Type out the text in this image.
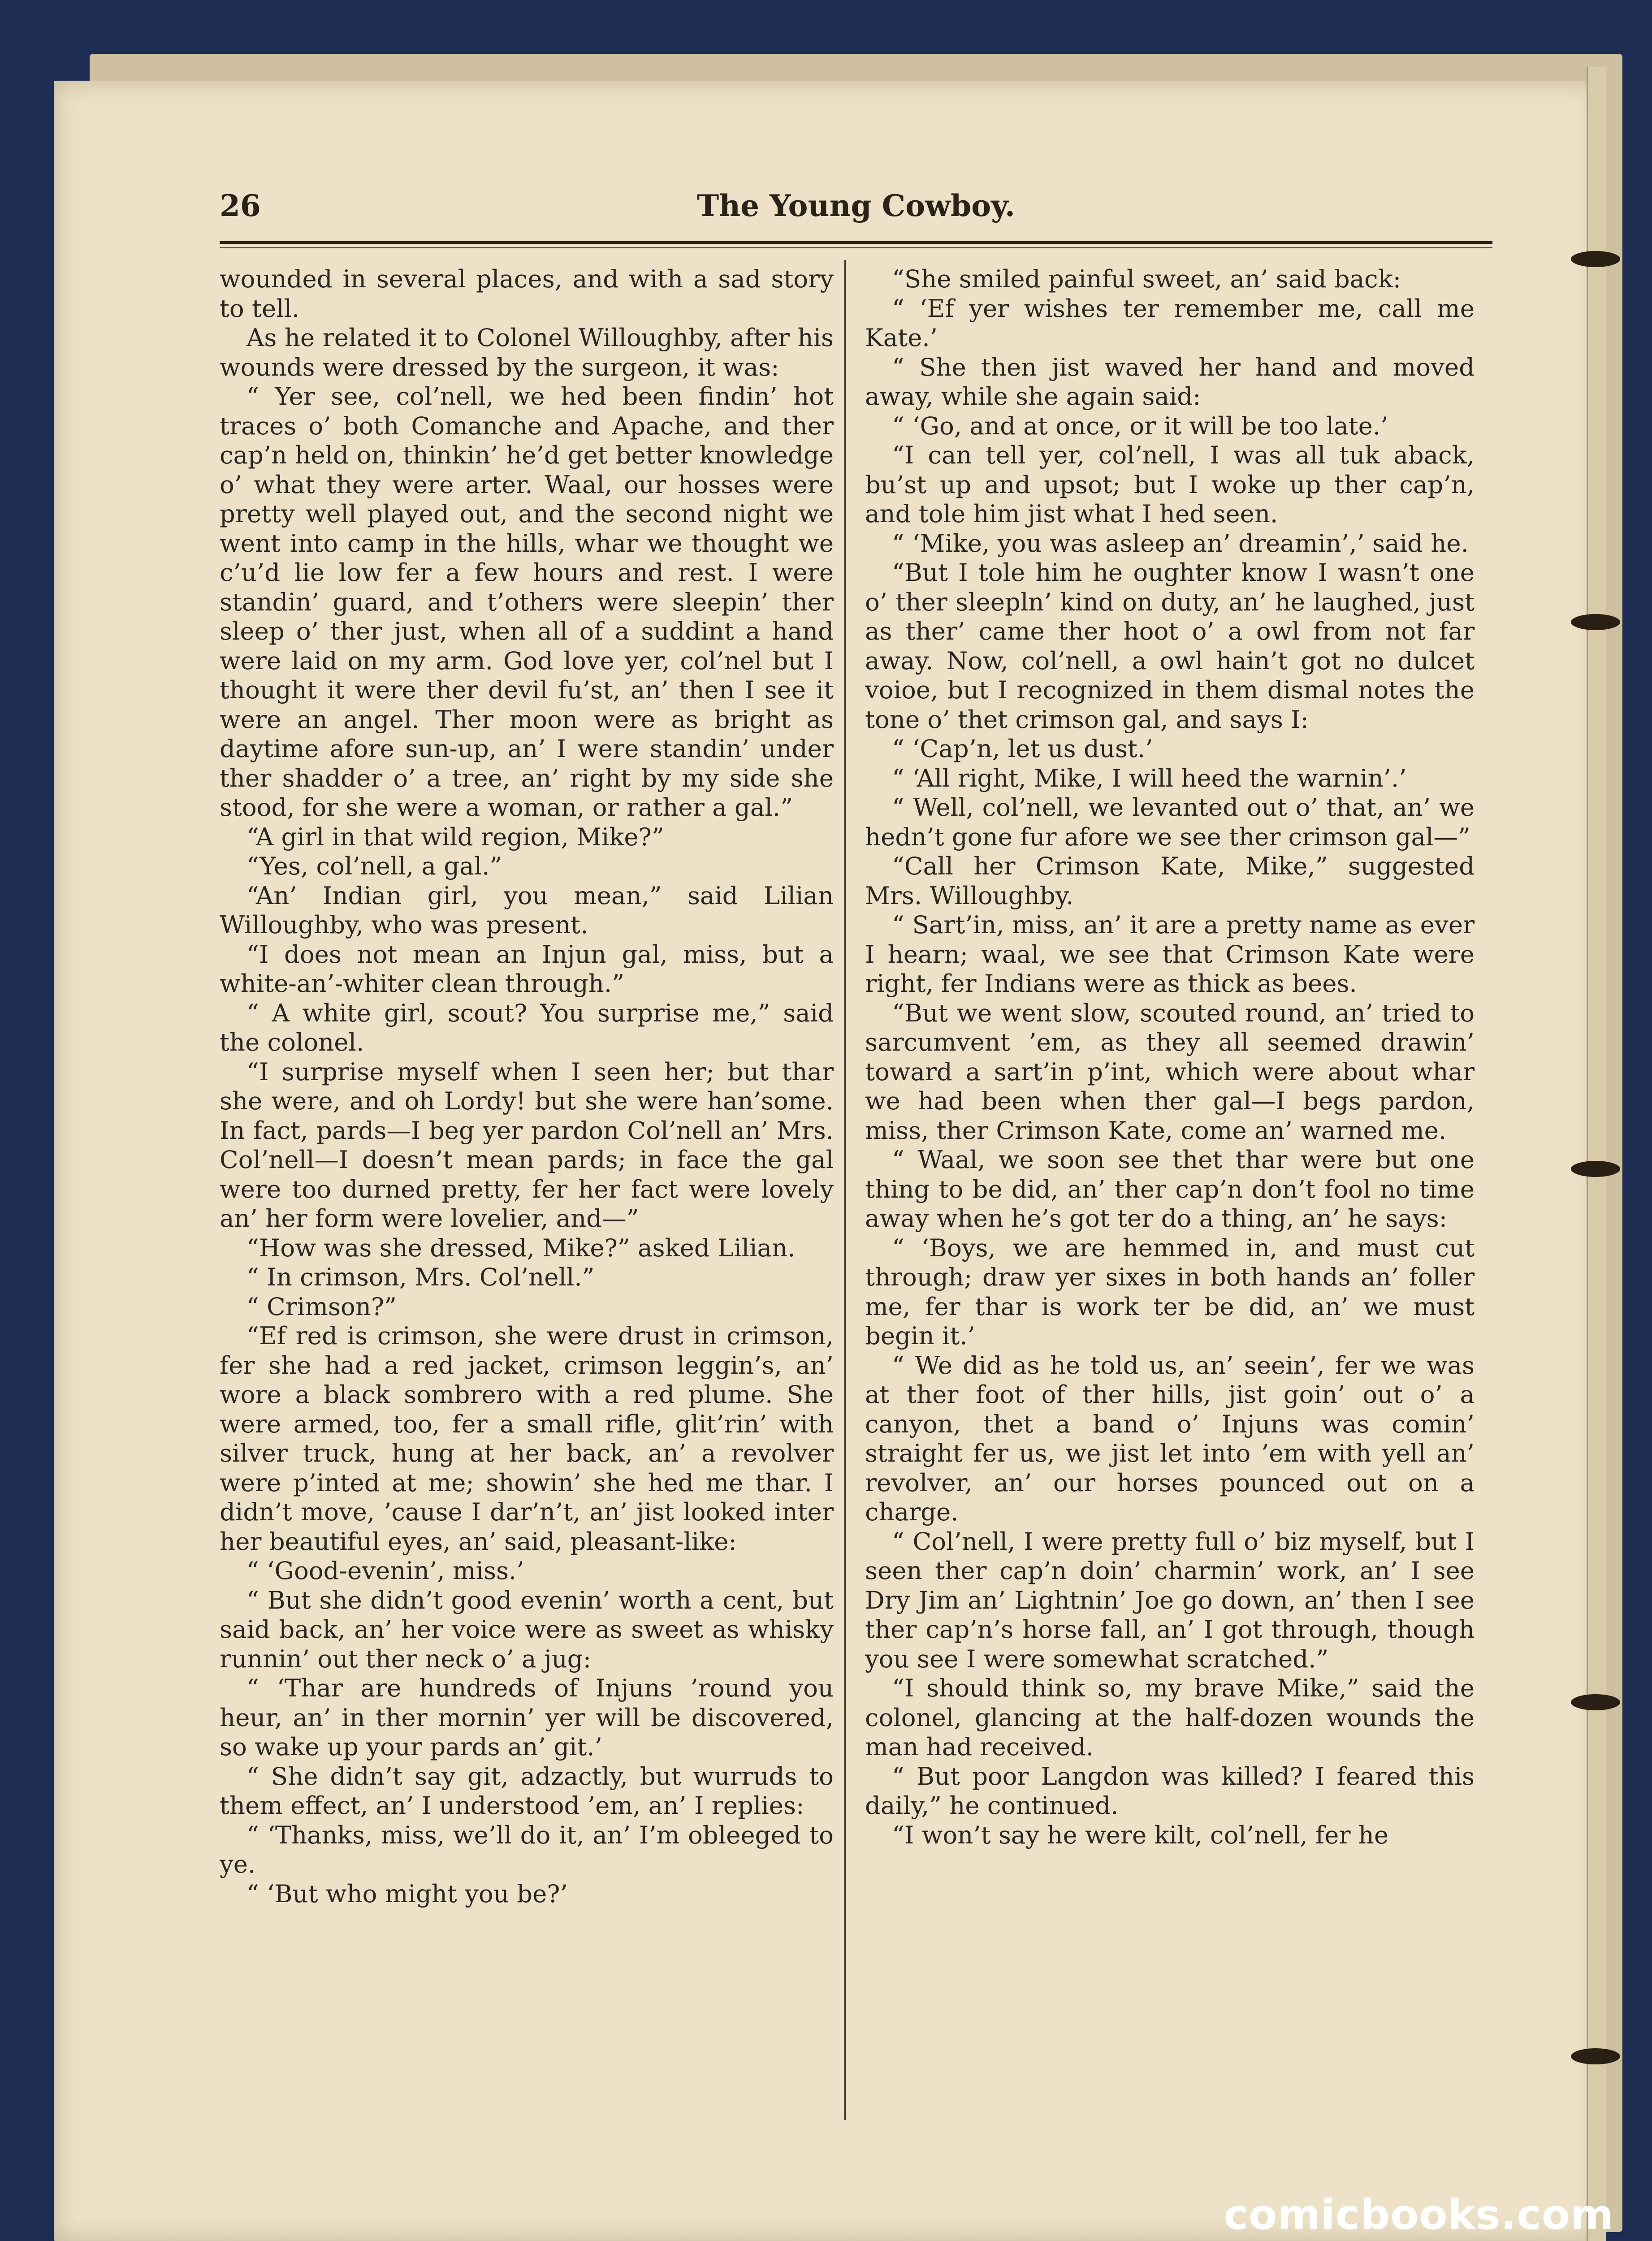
26	The Young Cowboy.

wounded in several places, and with a sad story to tell.

As he related it to Colonel Willoughby, after his wounds were dressed by the surgeon, it was:

“ Yer see, col’nell, we hed been findin’ hot traces o’ both Comanche and Apache, and ther cap’n held on, thinkin’ he’d get better knowledge o’ what they were arter. Waal, our hosses were pretty well played out, and the second night we went into camp in the hills, whar we thought we c’u’d lie low fer a few hours and rest. I were standin’ guard, and t’others were sleepin’ ther sleep o’ ther just, when all of a suddint a hand were laid on my arm. God love yer, col’nel but I thought it were ther devil fu’st, an’ then I see it were an angel. Ther moon were as bright as daytime afore sun-up, an’ I were standin’ under ther shadder o’ a tree, an’ right by my side she stood, for she were a woman, or rather a gal.”

“A girl in that wild region, Mike?”

“Yes, col’nell, a gal.”

“An’ Indian girl, you mean,” said Lilian Willoughby, who was present.

“I does not mean an Injun gal, miss, but a white-an’-whiter clean through.”

“ A white girl, scout? You surprise me,” said the colonel.

“I surprise myself when I seen her; but thar she were, and oh Lordy! but she were han’some. In fact, pards—I beg yer pardon Col’nell an’ Mrs. Col’nell—I doesn’t mean pards; in face the gal were too durned pretty, fer her fact were lovely an’ her form were lovelier, and—”

“How was she dressed, Mike?” asked Lilian.

“ In crimson, Mrs. Col’nell.”

“ Crimson?”

“Ef red is crimson, she were drust in crimson, fer she had a red jacket, crimson leggin’s, an’ wore a black sombrero with a red plume. She were armed, too, fer a small rifle, glit’rin’ with silver truck, hung at her back, an’ a revolver were p’inted at me; showin’ she hed me thar. I didn’t move, ’cause I dar’n’t, an’ jist looked inter her beautiful eyes, an’ said, pleasant-like:

“ ‘Good-evenin’, miss.’

“ But she didn’t good evenin’ worth a cent, but said back, an’ her voice were as sweet as whisky runnin’ out ther neck o’ a jug:

“ ‘Thar are hundreds of Injuns ’round you heur, an’ in ther mornin’ yer will be discovered, so wake up your pards an’ git.’

“ She didn’t say git, adzactly, but wurruds to them effect, an’ I understood ’em, an’ I replies:

“ ‘Thanks, miss, we’ll do it, an’ I’m obleeged to ye.

“ ‘But who might you be?’

“She smiled painful sweet, an’ said back:

“ ‘Ef yer wishes ter remember me, call me Kate.’

“ She then jist waved her hand and moved away, while she again said:

“ ‘Go, and at once, or it will be too late.’

“I can tell yer, col’nell, I was all tuk aback, bu’st up and upsot; but I woke up ther cap’n, and tole him jist what I hed seen.

“ ‘Mike, you was asleep an’ dreamin’,’ said he.

“But I tole him he oughter know I wasn’t one o’ ther sleepln’ kind on duty, an’ he laughed, just as ther’ came ther hoot o’ a owl from not far away. Now, col’nell, a owl hain’t got no dulcet voioe, but I recognized in them dismal notes the tone o’ thet crimson gal, and says I:

“ ‘Cap’n, let us dust.’

“ ‘All right, Mike, I will heed the warnin’.’

“ Well, col’nell, we levanted out o’ that, an’ we hedn’t gone fur afore we see ther crimson gal—”

“Call her Crimson Kate, Mike,” suggested Mrs. Willoughby.

“ Sart’in, miss, an’ it are a pretty name as ever I hearn; waal, we see that Crimson Kate were right, fer Indians were as thick as bees.

“But we went slow, scouted round, an’ tried to sarcumvent ’em, as they all seemed drawin’ toward a sart’in p’int, which were about whar we had been when ther gal—I begs pardon, miss, ther Crimson Kate, come an’ warned me.

“ Waal, we soon see thet thar were but one thing to be did, an’ ther cap’n don’t fool no time away when he’s got ter do a thing, an’ he says:

“ ‘Boys, we are hemmed in, and must cut through; draw yer sixes in both hands an’ foller me, fer thar is work ter be did, an’ we must begin it.’

“ We did as he told us, an’ seein’, fer we was at ther foot of ther hills, jist goin’ out o’ a canyon, thet a band o’ Injuns was comin’ straight fer us, we jist let into ’em with yell an’ revolver, an’ our horses pounced out on a charge.

“ Col’nell, I were pretty full o’ biz myself, but I seen ther cap’n doin’ charmin’ work, an’ I see Dry Jim an’ Lightnin’ Joe go down, an’ then I see ther cap’n’s horse fall, an’ I got through, though you see I were somewhat scratched.”

“I should think so, my brave Mike,” said the colonel, glancing at the half-dozen wounds the man had received.

“ But poor Langdon was killed? I feared this daily,” he continued.

“I won’t say he were kilt, col’nell, fer he

comicbooks.com
